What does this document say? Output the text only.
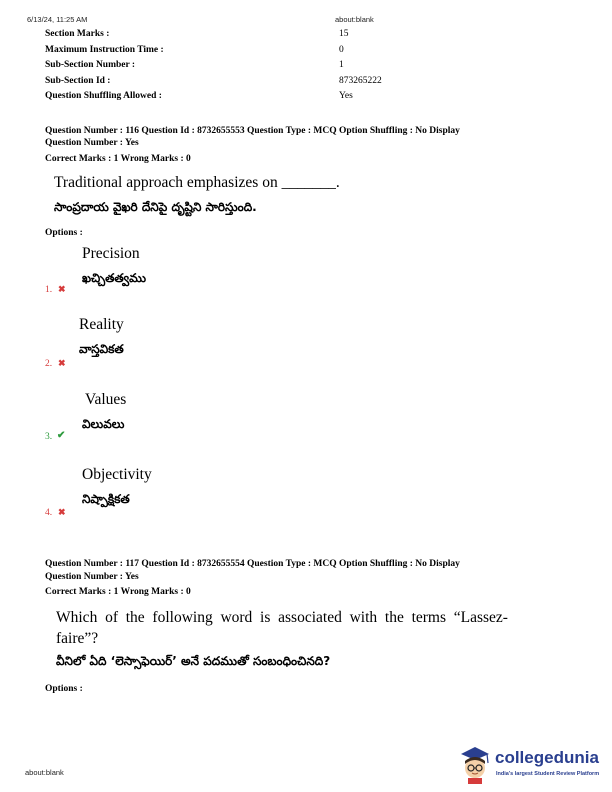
6/13/24, 11:25 AM	about:blank
Section Marks :	15
Maximum Instruction Time :	0
Sub-Section Number :	1
Sub-Section Id :	873265222
Question Shuffling Allowed :	Yes
Question Number : 116 Question Id : 8732655553 Question Type : MCQ Option Shuffling : No Display
Question Number : Yes
Correct Marks : 1 Wrong Marks : 0
Traditional approach emphasizes on _______.
సాంప్రదాయ వైఖరి దేనిపై దృష్టిని సారిస్తుంది.
Options :
Precision
ఖచ్చితత్వము
1. ✖
Reality
వాస్తవికత
2. ✖
Values
విలువలు
3. ✔
Objectivity
నిష్పాక్షికత
4. ✖
Question Number : 117 Question Id : 8732655554 Question Type : MCQ Option Shuffling : No Display
Question Number : Yes
Correct Marks : 1 Wrong Marks : 0
Which  of  the  following  word  is  associated  with  the  terms  “Lassez-
faire”?
వీనిలో ఏది ‘లెస్సాఫెయిర్’ అనే పదముతో సంబంధించినది?
Options :
about:blank
collegedunia
India's largest Student Review Platform
